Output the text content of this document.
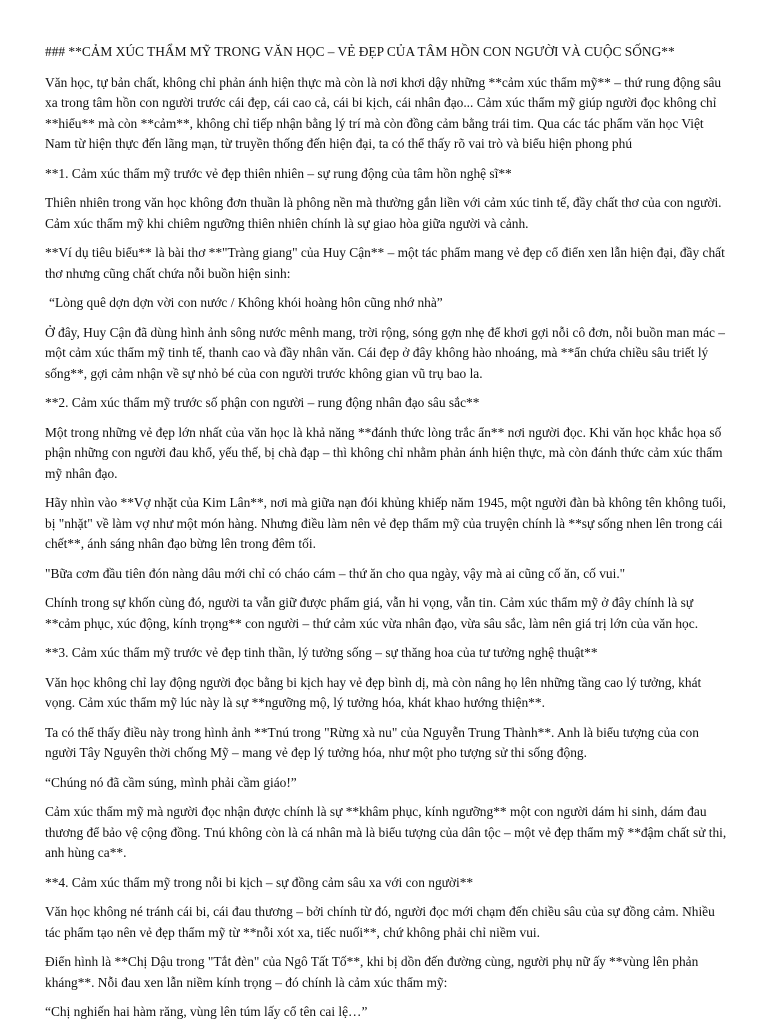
### **CẢM XÚC THẨM MỸ TRONG VĂN HỌC – VẺ ĐẸP CỦA TÂM HỒN CON NGƯỜI VÀ CUỘC SỐNG**

Văn học, tự bản chất, không chỉ phản ánh hiện thực mà còn là nơi khơi dậy những **cảm xúc thẩm mỹ** – thứ rung động sâu xa trong tâm hồn con người trước cái đẹp, cái cao cả, cái bi kịch, cái nhân đạo... Cảm xúc thẩm mỹ giúp người đọc không chỉ **hiểu** mà còn **cảm**, không chỉ tiếp nhận bằng lý trí mà còn đồng cảm bằng trái tim. Qua các tác phẩm văn học Việt Nam từ hiện thực đến lãng mạn, từ truyền thống đến hiện đại, ta có thể thấy rõ vai trò và biểu hiện phong phú

**1. Cảm xúc thẩm mỹ trước vẻ đẹp thiên nhiên – sự rung động của tâm hồn nghệ sĩ**

Thiên nhiên trong văn học không đơn thuần là phông nền mà thường gắn liền với cảm xúc tinh tế, đầy chất thơ của con người. Cảm xúc thẩm mỹ khi chiêm ngưỡng thiên nhiên chính là sự giao hòa giữa người và cảnh.

**Ví dụ tiêu biểu** là bài thơ **"Tràng giang" của Huy Cận** – một tác phẩm mang vẻ đẹp cổ điển xen lẫn hiện đại, đầy chất thơ nhưng cũng chất chứa nỗi buồn hiện sinh:

“Lòng quê dợn dợn vời con nước / Không khói hoàng hôn cũng nhớ nhà”

Ở đây, Huy Cận đã dùng hình ảnh sông nước mênh mang, trời rộng, sóng gợn nhẹ để khơi gợi nỗi cô đơn, nỗi buồn man mác – một cảm xúc thẩm mỹ tinh tế, thanh cao và đầy nhân văn. Cái đẹp ở đây không hào nhoáng, mà **ẩn chứa chiều sâu triết lý sống**, gợi cảm nhận về sự nhỏ bé của con người trước không gian vũ trụ bao la.

**2. Cảm xúc thẩm mỹ trước số phận con người – rung động nhân đạo sâu sắc**

Một trong những vẻ đẹp lớn nhất của văn học là khả năng **đánh thức lòng trắc ẩn** nơi người đọc. Khi văn học khắc họa số phận những con người đau khổ, yếu thế, bị chà đạp – thì không chỉ nhằm phản ánh hiện thực, mà còn đánh thức cảm xúc thẩm mỹ nhân đạo.

Hãy nhìn vào **Vợ nhặt của Kim Lân**, nơi mà giữa nạn đói khủng khiếp năm 1945, một người đàn bà không tên không tuổi, bị "nhặt" về làm vợ như một món hàng. Nhưng điều làm nên vẻ đẹp thẩm mỹ của truyện chính là **sự sống nhen lên trong cái chết**, ánh sáng nhân đạo bừng lên trong đêm tối.

"Bữa cơm đầu tiên đón nàng dâu mới chỉ có cháo cám – thứ ăn cho qua ngày, vậy mà ai cũng cố ăn, cố vui."

Chính trong sự khốn cùng đó, người ta vẫn giữ được phẩm giá, vẫn hi vọng, vẫn tin. Cảm xúc thẩm mỹ ở đây chính là sự **cảm phục, xúc động, kính trọng** con người – thứ cảm xúc vừa nhân đạo, vừa sâu sắc, làm nên giá trị lớn của văn học.

**3. Cảm xúc thẩm mỹ trước vẻ đẹp tinh thần, lý tưởng sống – sự thăng hoa của tư tưởng nghệ thuật**

Văn học không chỉ lay động người đọc bằng bi kịch hay vẻ đẹp bình dị, mà còn nâng họ lên những tầng cao lý tưởng, khát vọng. Cảm xúc thẩm mỹ lúc này là sự **ngưỡng mộ, lý tưởng hóa, khát khao hướng thiện**.

Ta có thể thấy điều này trong hình ảnh **Tnú trong "Rừng xà nu" của Nguyễn Trung Thành**. Anh là biểu tượng của con người Tây Nguyên thời chống Mỹ – mang vẻ đẹp lý tưởng hóa, như một pho tượng sử thi sống động.

“Chúng nó đã cầm súng, mình phải cầm giáo!”

Cảm xúc thẩm mỹ mà người đọc nhận được chính là sự **khâm phục, kính ngưỡng** một con người dám hi sinh, dám đau thương để bảo vệ cộng đồng. Tnú không còn là cá nhân mà là biểu tượng của dân tộc – một vẻ đẹp thẩm mỹ **đậm chất sử thi, anh hùng ca**.

**4. Cảm xúc thẩm mỹ trong nỗi bi kịch – sự đồng cảm sâu xa với con người**

Văn học không né tránh cái bi, cái đau thương – bởi chính từ đó, người đọc mới chạm đến chiều sâu của sự đồng cảm. Nhiều tác phẩm tạo nên vẻ đẹp thẩm mỹ từ **nỗi xót xa, tiếc nuối**, chứ không phải chỉ niềm vui.

Điển hình là **Chị Dậu trong "Tắt đèn" của Ngô Tất Tố**, khi bị dồn đến đường cùng, người phụ nữ ấy **vùng lên phản kháng**. Nỗi đau xen lẫn niềm kính trọng – đó chính là cảm xúc thẩm mỹ:

“Chị nghiến hai hàm răng, vùng lên túm lấy cổ tên cai lệ…”
